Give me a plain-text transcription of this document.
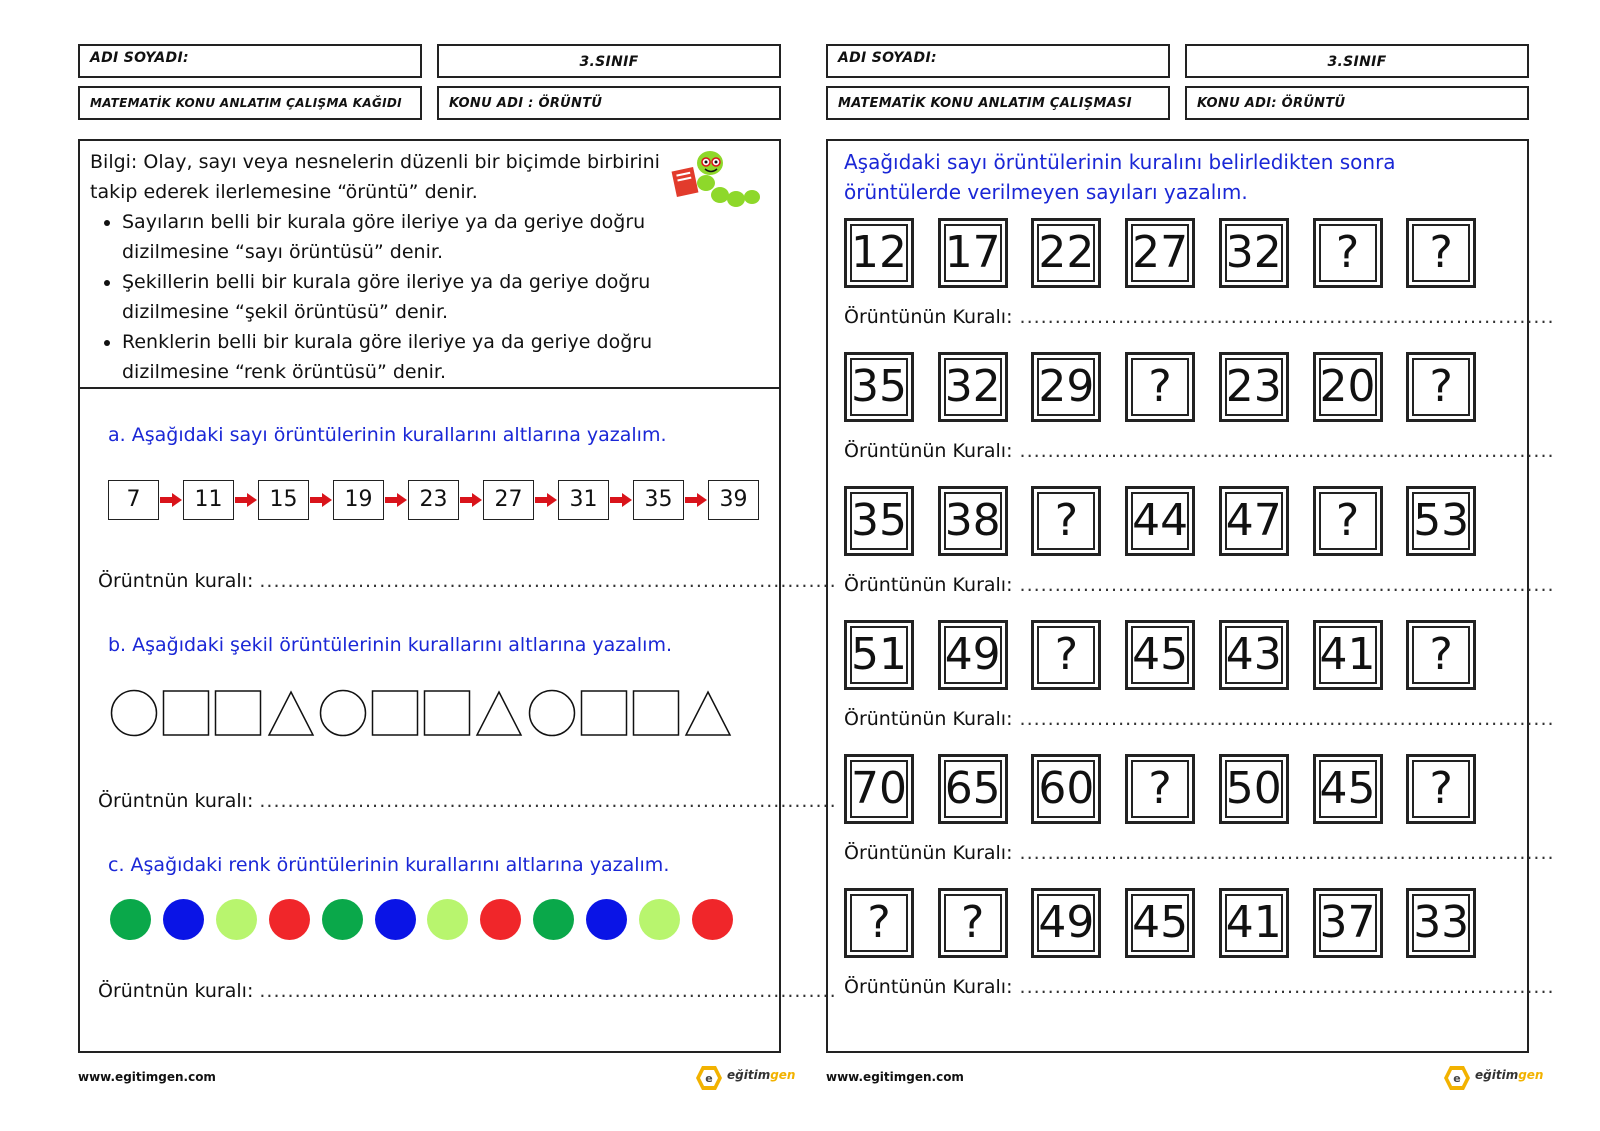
ADI SOYADI:	3.SINIF
MATEMATİK KONU ANLATIM ÇALIŞMA KAĞIDI	KONU ADI : ÖRÜNTÜ
Bilgi: Olay, sayı veya nesnelerin düzenli bir biçimde birbirini takip ederek ilerlemesine “örüntü” denir.
• Sayıların belli bir kurala göre ileriye ya da geriye doğru dizilmesine “sayı örüntüsü” denir.
• Şekillerin belli bir kurala göre ileriye ya da geriye doğru dizilmesine “şekil örüntüsü” denir.
• Renklerin belli bir kurala göre ileriye ya da geriye doğru dizilmesine “renk örüntüsü” denir.
a. Aşağıdaki sayı örüntülerinin kurallarını altlarına yazalım.
7	11	15	19	23	27	31	35	39
Örüntnün kuralı: ..................................................................................
b. Aşağıdaki şekil örüntülerinin kurallarını altlarına yazalım.
Örüntnün kuralı: ..................................................................................
c. Aşağıdaki renk örüntülerinin kurallarını altlarına yazalım.
Örüntnün kuralı: ..................................................................................
www.egitimgen.com	e eğitimgen
ADI SOYADI:	3.SINIF
MATEMATİK KONU ANLATIM ÇALIŞMASI	KONU ADI: ÖRÜNTÜ
Aşağıdaki sayı örüntülerinin kuralını belirledikten sonra örüntülerde verilmeyen sayıları yazalım.
12 17 22 27 32	?	?
Örüntünün Kuralı: ............................................................................
35 32 29	?	23 20	?
Örüntünün Kuralı: ............................................................................
35 38	?	44 47	?	53
Örüntünün Kuralı: ............................................................................
51 49	?	45 43 41	?
Örüntünün Kuralı: ............................................................................
70 65 60	?	50 45	?
Örüntünün Kuralı: ............................................................................
?	?	49 45 41 37 33
Örüntünün Kuralı: ............................................................................
www.egitimgen.com	e eğitimgen
